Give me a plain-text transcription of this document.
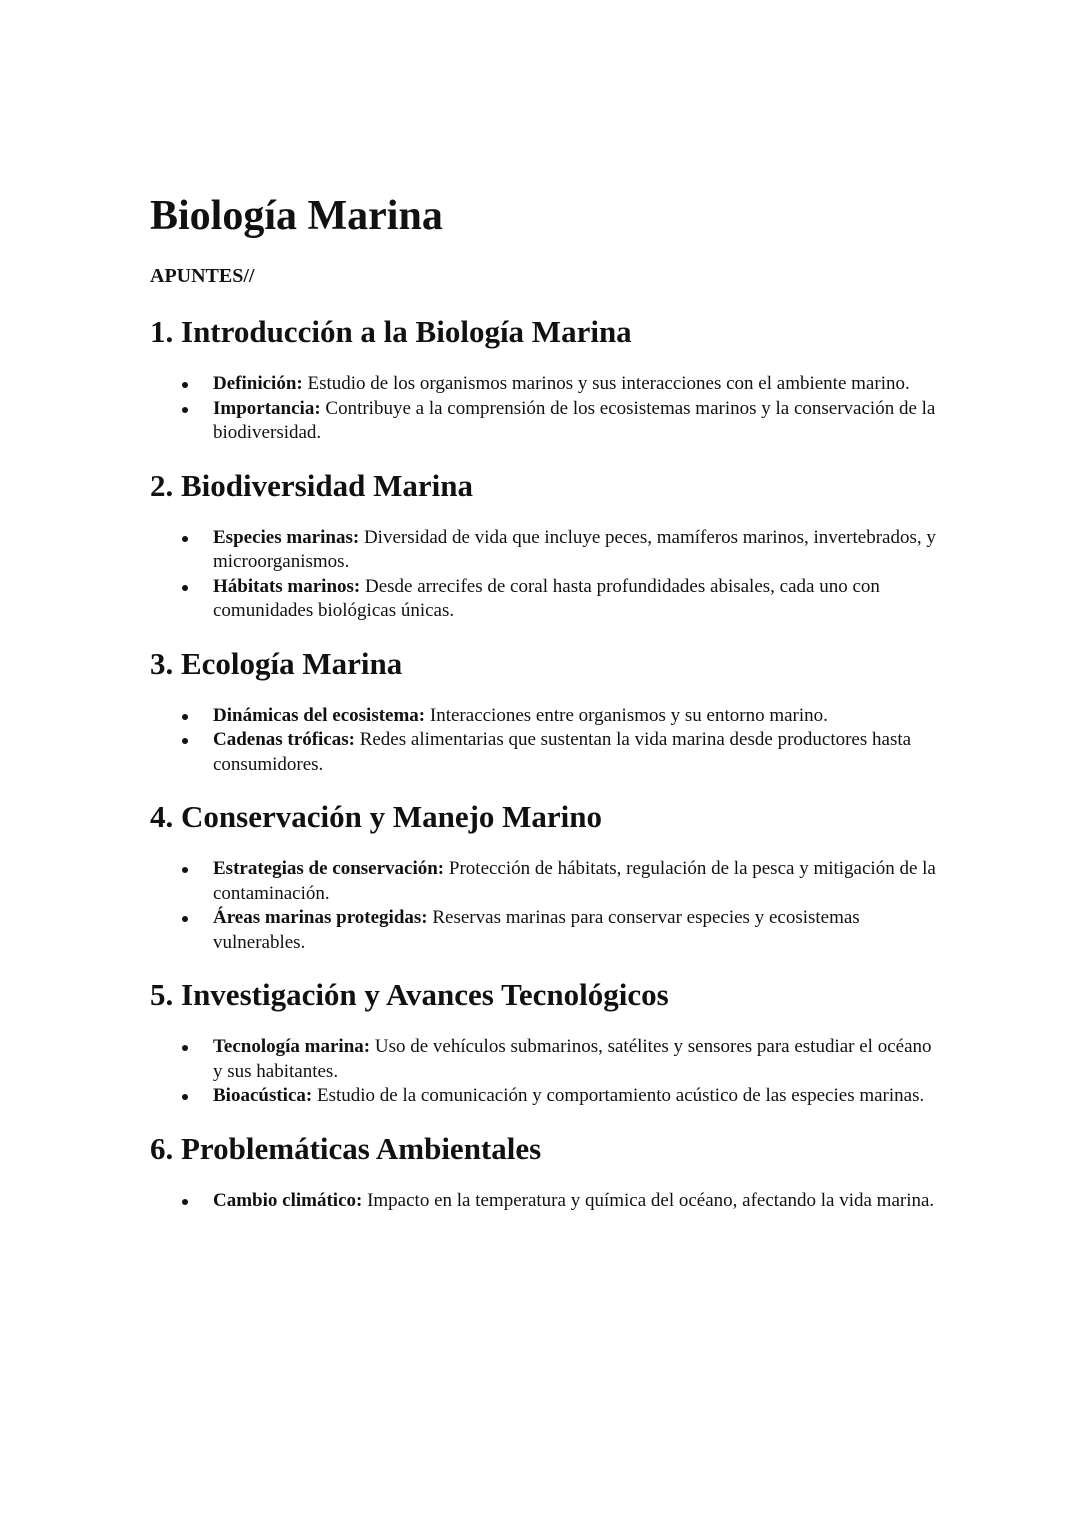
Biología Marina
APUNTES//
1. Introducción a la Biología Marina
Definición: Estudio de los organismos marinos y sus interacciones con el ambiente marino.
Importancia: Contribuye a la comprensión de los ecosistemas marinos y la conservación de la biodiversidad.
2. Biodiversidad Marina
Especies marinas: Diversidad de vida que incluye peces, mamíferos marinos, invertebrados, y microorganismos.
Hábitats marinos: Desde arrecifes de coral hasta profundidades abisales, cada uno con comunidades biológicas únicas.
3. Ecología Marina
Dinámicas del ecosistema: Interacciones entre organismos y su entorno marino.
Cadenas tróficas: Redes alimentarias que sustentan la vida marina desde productores hasta consumidores.
4. Conservación y Manejo Marino
Estrategias de conservación: Protección de hábitats, regulación de la pesca y mitigación de la contaminación.
Áreas marinas protegidas: Reservas marinas para conservar especies y ecosistemas vulnerables.
5. Investigación y Avances Tecnológicos
Tecnología marina: Uso de vehículos submarinos, satélites y sensores para estudiar el océano y sus habitantes.
Bioacústica: Estudio de la comunicación y comportamiento acústico de las especies marinas.
6. Problemáticas Ambientales
Cambio climático: Impacto en la temperatura y química del océano, afectando la vida marina.
